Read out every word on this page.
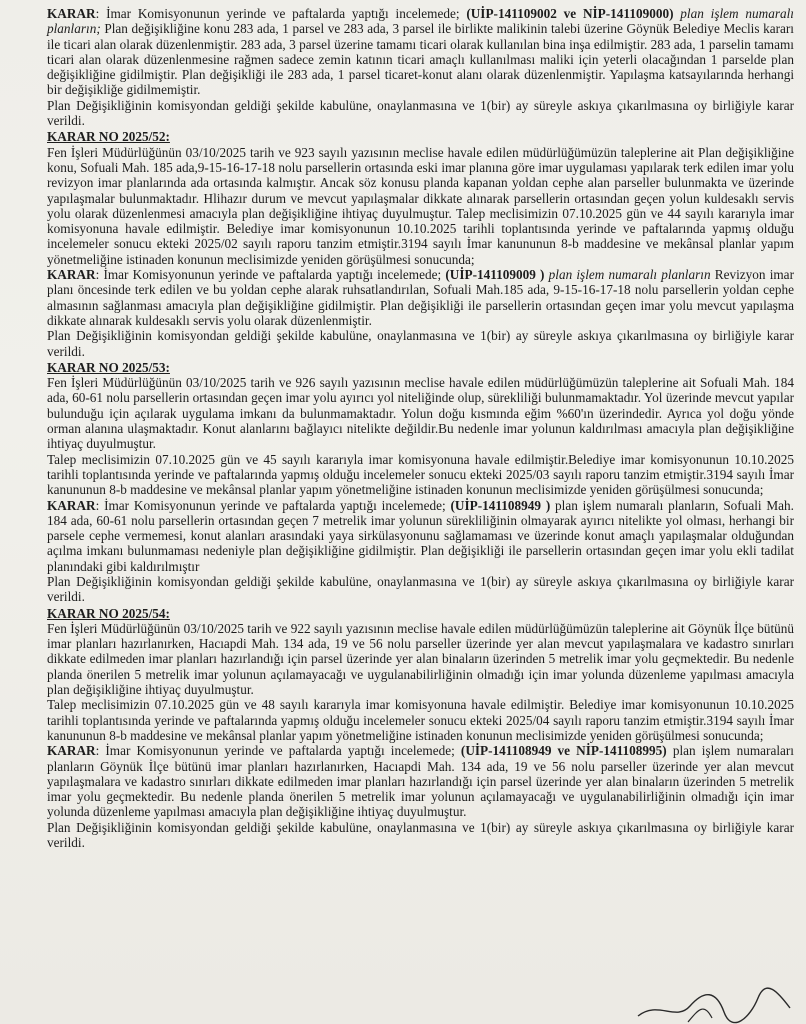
KARAR: İmar Komisyonunun yerinde ve paftalarda yaptığı incelemede; (UİP-141109002 ve NİP-141109000) plan işlem numaralı planların; Plan değişikliğine konu 283 ada, 1 parsel ve 283 ada, 3 parsel ile birlikte malikinin talebi üzerine Göynük Belediye Meclis kararı ile ticari alan olarak düzenlenmiştir. 283 ada, 3 parsel üzerine tamamı ticari olarak kullanılan bina inşa edilmiştir. 283 ada, 1 parselin tamamı ticari alan olarak düzenlenmesine rağmen sadece zemin katının ticari amaçlı kullanılması maliki için yeterli olacağından 1 parselde plan değişikliğine gidilmiştir. Plan değişikliği ile 283 ada, 1 parsel ticaret-konut alanı olarak düzenlenmiştir. Yapılaşma katsayılarında herhangi bir değişikliğe gidilmemiştir.

Plan Değişikliğinin komisyondan geldiği şekilde kabulüne, onaylanmasına ve 1(bir) ay süreyle askıya çıkarılmasına oy birliğiyle karar verildi.

KARAR NO 2025/52:

Fen İşleri Müdürlüğünün 03/10/2025 tarih ve 923 sayılı yazısının meclise havale edilen müdürlüğümüzün taleplerine ait Plan değişikliğine konu, Sofuali Mah. 185 ada,9-15-16-17-18 nolu parsellerin ortasında eski imar planına göre imar uygulaması yapılarak terk edilen imar yolu revizyon imar planlarında ada ortasında kalmıştır. Ancak söz konusu planda kapanan yoldan cephe alan parseller bulunmakta ve üzerinde yapılaşmalar bulunmaktadır. Hlihazır durum ve mevcut yapılaşmalar dikkate alınarak parsellerin ortasından geçen yolun kuldesaklı servis yolu olarak düzenlenmesi amacıyla plan değişikliğine ihtiyaç duyulmuştur. Talep meclisimizin 07.10.2025 gün ve 44 sayılı kararıyla imar komisyonuna havale edilmiştir. Belediye imar komisyonunun 10.10.2025 tarihli toplantısında yerinde ve paftalarında yapmış olduğu incelemeler sonucu ekteki 2025/02 sayılı raporu tanzim etmiştir.3194 sayılı İmar kanununun 8-b maddesine ve mekânsal planlar yapım yönetmeliğine istinaden konunun meclisimizde yeniden görüşülmesi sonucunda;

KARAR: İmar Komisyonunun yerinde ve paftalarda yaptığı incelemede; (UİP-141109009 ) plan işlem numaralı planların Revizyon imar planı öncesinde terk edilen ve bu yoldan cephe alarak ruhsatlandırılan, Sofuali Mah.185 ada, 9-15-16-17-18 nolu parsellerin yoldan cephe almasının sağlanması amacıyla plan değişikliğine gidilmiştir. Plan değişikliği ile parsellerin ortasından geçen imar yolu mevcut yapılaşma dikkate alınarak kuldesaklı servis yolu olarak düzenlenmiştir.

Plan Değişikliğinin komisyondan geldiği şekilde kabulüne, onaylanmasına ve 1(bir) ay süreyle askıya çıkarılmasına oy birliğiyle karar verildi.

KARAR NO 2025/53:

Fen İşleri Müdürlüğünün 03/10/2025 tarih ve 926 sayılı yazısının meclise havale edilen müdürlüğümüzün taleplerine ait Sofuali Mah. 184 ada, 60-61 nolu parsellerin ortasından geçen imar yolu ayırıcı yol niteliğinde olup, süreklil​iği bulunmamaktadır. Yol üzerinde mevcut yapılar bulunduğu için açılarak uygulama imkanı da bulunmamaktadır. Yolun doğu kısmında eğim %60'ın üzerindedir. Ayrıca yol doğu yönde orman alanına ulaşmaktadır. Konut alanlarını bağlayıcı nitelikte değildir.Bu nedenle imar yolunun kaldırılması amacıyla plan değişikliğine ihtiyaç duyulmuştur.

Talep meclisimizin 07.10.2025 gün ve 45 sayılı kararıyla imar komisyonuna havale edilmiştir.Belediye imar komisyonunun 10.10.2025 tarihli toplantısında yerinde ve paftalarında yapmış olduğu incelemeler sonucu ekteki 2025/03 sayılı raporu tanzim etmiştir.3194 sayılı İmar kanununun 8-b maddesine ve mekânsal planlar yapım yönetmeliğine istinaden konunun meclisimizde yeniden görüşülmesi sonucunda;

KARAR: İmar Komisyonunun yerinde ve paftalarda yaptığı incelemede; (UİP-141108949 ) plan işlem numaralı planların, Sofuali Mah. 184 ada, 60-61 nolu parsellerin ortasından geçen 7 metrelik imar yolunun sürekliliğinin olmayarak ayırıcı nitelikte yol olması, herhangi bir parsele cephe vermemesi, konut alanları arasındaki yaya sirkülasyonunu sağlamaması ve üzerinde konut amaçlı yapılaşmalar olduğundan açılma imkanı bulunmaması nedeniyle plan değişikliğine gidilmiştir. Plan değişikliği ile parsellerin ortasından geçen imar yolu ekli tadilat planındaki gibi kaldırılmıştır

Plan Değişikliğinin komisyondan geldiği şekilde kabulüne, onaylanmasına ve 1(bir) ay süreyle askıya çıkarılmasına oy birliğiyle karar verildi.

KARAR NO 2025/54:

Fen İşleri Müdürlüğünün 03/10/2025 tarih ve 922 sayılı yazısının meclise havale edilen müdürlüğümüzün taleplerine ait Göynük İlçe bütünü imar planları hazırlanırken, Hacıapdi Mah. 134 ada, 19 ve 56 nolu parseller üzerinde yer alan mevcut yapılaşmalara ve kadastro sınırları dikkate edilmeden imar planları hazırlandığı için parsel üzerinde yer alan binaların üzerinden 5 metrelik imar yolu geçmektedir. Bu nedenle planda önerilen 5 metrelik imar yolunun açılamayacağı ve uygulanabilirliğinin olmadığı için imar yolunda düzenleme yapılması amacıyla plan değişikliğine ihtiyaç duyulmuştur.

Talep meclisimizin 07.10.2025 gün ve 48 sayılı kararıyla imar komisyonuna havale edilmiştir. Belediye imar komisyonunun 10.10.2025 tarihli toplantısında yerinde ve paftalarında yapmış olduğu incelemeler sonucu ekteki 2025/04 sayılı raporu tanzim etmiştir.3194 sayılı İmar kanununun 8-b maddesine ve mekânsal planlar yapım yönetmeliğine istinaden konunun meclisimizde yeniden görüşülmesi sonucunda;

KARAR: İmar Komisyonunun yerinde ve paftalarda yaptığı incelemede; (UİP-141108949 ve NİP-141108995) plan işlem numaraları planların Göynük İlçe bütünü imar planları hazırlanırken, Hacıapdi Mah. 134 ada, 19 ve 56 nolu parseller üzerinde yer alan mevcut yapılaşmalara ve kadastro sınırları dikkate edilmeden imar planları hazırlandığı için parsel üzerinde yer alan binaların üzerinden 5 metrelik imar yolu geçmektedir. Bu nedenle planda önerilen 5 metrelik imar yolunun açılamayacağı ve uygulanabilirliğinin olmadığı için imar yolunda düzenleme yapılması amacıyla plan değişikliğine ihtiyaç duyulmuştur.

Plan Değişikliğinin komisyondan geldiği şekilde kabulüne, onaylanmasına ve 1(bir) ay süreyle askıya çıkarılmasına oy birliğiyle karar verildi.
